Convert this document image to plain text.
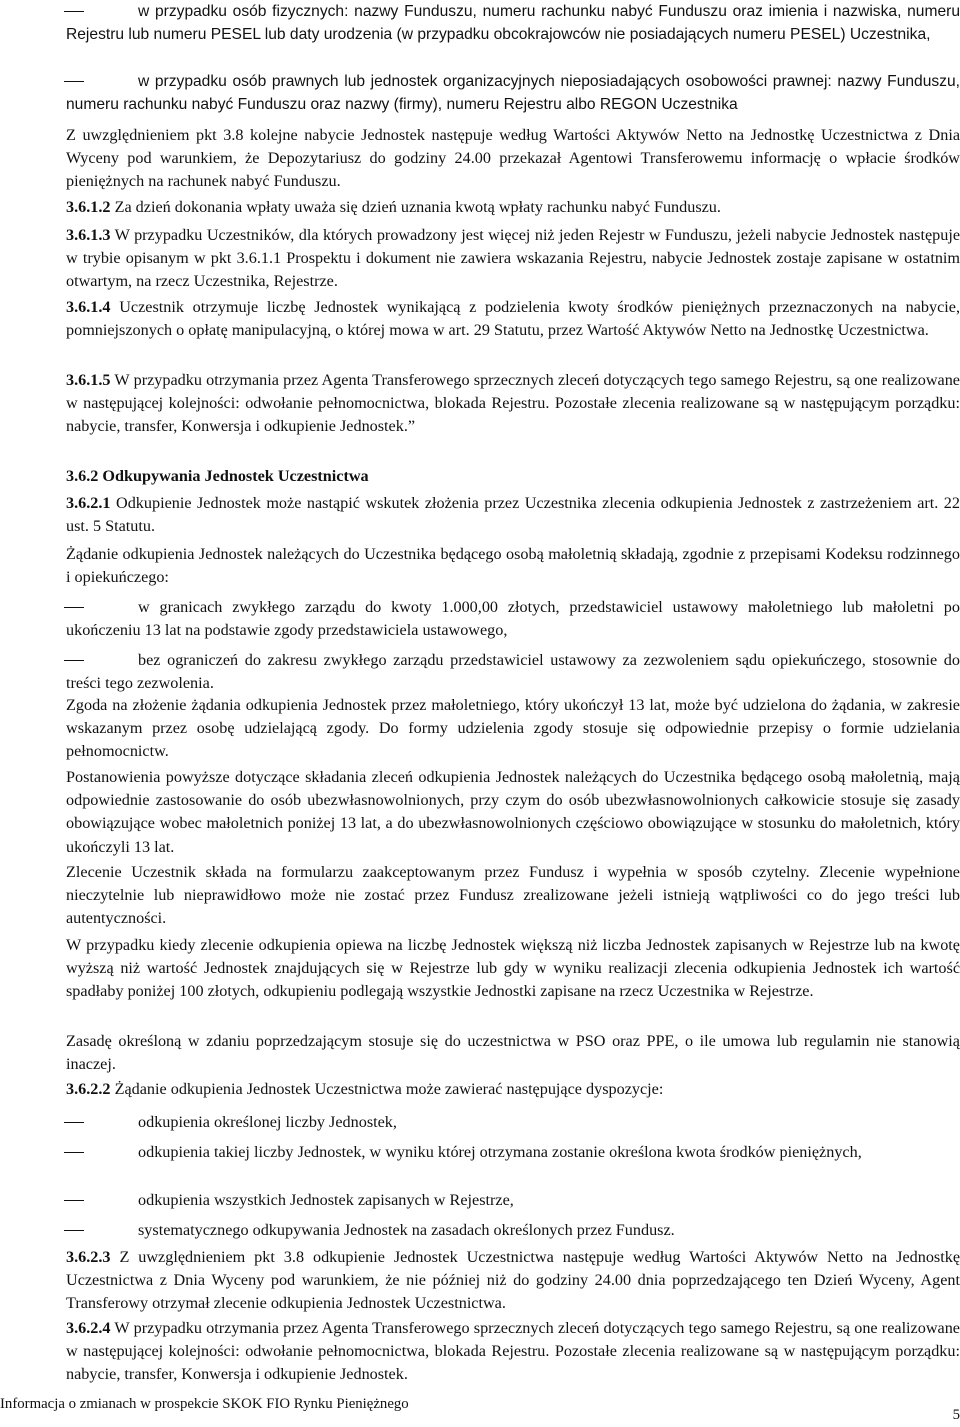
w przypadku osób fizycznych: nazwy Funduszu, numeru rachunku nabyć Funduszu oraz imienia i nazwiska, numeru Rejestru lub numeru PESEL lub daty urodzenia (w przypadku obcokrajowców nie posiadających numeru PESEL) Uczestnika,
w przypadku osób prawnych lub jednostek organizacyjnych nieposiadających osobowości prawnej: nazwy Funduszu, numeru rachunku nabyć Funduszu oraz nazwy (firmy), numeru Rejestru albo REGON Uczestnika

Z uwzględnieniem pkt 3.8 kolejne nabycie Jednostek następuje według Wartości Aktywów Netto na Jednostkę Uczestnictwa z Dnia Wyceny pod warunkiem, że Depozytariusz do godziny 24.00 przekazał Agentowi Transferowemu informację o wpłacie środków pieniężnych na rachunek nabyć Funduszu.

3.6.1.2 Za dzień dokonania wpłaty uważa się dzień uznania kwotą wpłaty rachunku nabyć Funduszu.

3.6.1.3 W przypadku Uczestników, dla których prowadzony jest więcej niż jeden Rejestr w Funduszu, jeżeli nabycie Jednostek następuje w trybie opisanym w pkt 3.6.1.1 Prospektu i dokument nie zawiera wskazania Rejestru, nabycie Jednostek zostaje zapisane w ostatnim otwartym, na rzecz Uczestnika, Rejestrze.

3.6.1.4 Uczestnik otrzymuje liczbę Jednostek wynikającą z podzielenia kwoty środków pieniężnych przeznaczonych na nabycie, pomniejszonych o opłatę manipulacyjną, o której mowa w art. 29 Statutu, przez Wartość Aktywów Netto na Jednostkę Uczestnictwa.

3.6.1.5 W przypadku otrzymania przez Agenta Transferowego sprzecznych zleceń dotyczących tego samego Rejestru, są one realizowane w następującej kolejności: odwołanie pełnomocnictwa, blokada Rejestru. Pozostałe zlecenia realizowane są w następującym porządku: nabycie, transfer, Konwersja i odkupienie Jednostek.”

3.6.2 Odkupywania Jednostek Uczestnictwa

3.6.2.1 Odkupienie Jednostek może nastąpić wskutek złożenia przez Uczestnika zlecenia odkupienia Jednostek z zastrzeżeniem art. 22 ust. 5 Statutu.

Żądanie odkupienia Jednostek należących do Uczestnika będącego osobą małoletnią składają, zgodnie z przepisami Kodeksu rodzinnego i opiekuńczego:

w granicach zwykłego zarządu do kwoty 1.000,00 złotych, przedstawiciel ustawowy małoletniego lub małoletni po ukończeniu 13 lat na podstawie zgody przedstawiciela ustawowego,
bez ograniczeń do zakresu zwykłego zarządu przedstawiciel ustawowy za zezwoleniem sądu opiekuńczego, stosownie do treści tego zezwolenia.

Zgoda na złożenie żądania odkupienia Jednostek przez małoletniego, który ukończył 13 lat, może być udzielona do żądania, w zakresie wskazanym przez osobę udzielającą zgody. Do formy udzielenia zgody stosuje się odpowiednie przepisy o formie udzielania pełnomocnictw.

Postanowienia powyższe dotyczące składania zleceń odkupienia Jednostek należących do Uczestnika będącego osobą małoletnią, mają odpowiednie zastosowanie do osób ubezwłasnowolnionych, przy czym do osób ubezwłasnowolnionych całkowicie stosuje się zasady obowiązujące wobec małoletnich poniżej 13 lat, a do ubezwłasnowolnionych częściowo obowiązujące w stosunku do małoletnich, który ukończyli 13 lat.

Zlecenie Uczestnik składa na formularzu zaakceptowanym przez Fundusz i wypełnia w sposób czytelny. Zlecenie wypełnione nieczytelnie lub nieprawidłowo może nie zostać przez Fundusz zrealizowane jeżeli istnieją wątpliwości co do jego treści lub autentyczności.

W przypadku kiedy zlecenie odkupienia opiewa na liczbę Jednostek większą niż liczba Jednostek zapisanych w Rejestrze lub na kwotę wyższą niż wartość Jednostek znajdujących się w Rejestrze lub gdy w wyniku realizacji zlecenia odkupienia Jednostek ich wartość spadłaby poniżej 100 złotych, odkupieniu podlegają wszystkie Jednostki zapisane na rzecz Uczestnika w Rejestrze.

Zasadę określoną w zdaniu poprzedzającym stosuje się do uczestnictwa w PSO oraz PPE, o ile umowa lub regulamin nie stanowią inaczej.

3.6.2.2 Żądanie odkupienia Jednostek Uczestnictwa może zawierać następujące dyspozycje:

odkupienia określonej liczby Jednostek,
odkupienia takiej liczby Jednostek, w wyniku której otrzymana zostanie określona kwota środków pieniężnych,
odkupienia wszystkich Jednostek zapisanych w Rejestrze,
systematycznego odkupywania Jednostek na zasadach określonych przez Fundusz.

3.6.2.3 Z uwzględnieniem pkt 3.8 odkupienie Jednostek Uczestnictwa następuje według Wartości Aktywów Netto na Jednostkę Uczestnictwa z Dnia Wyceny pod warunkiem, że nie później niż do godziny 24.00 dnia poprzedzającego ten Dzień Wyceny, Agent Transferowy otrzymał zlecenie odkupienia Jednostek Uczestnictwa.

3.6.2.4 W przypadku otrzymania przez Agenta Transferowego sprzecznych zleceń dotyczących tego samego Rejestru, są one realizowane w następującej kolejności: odwołanie pełnomocnictwa, blokada Rejestru. Pozostałe zlecenia realizowane są w następującym porządku: nabycie, transfer, Konwersja i odkupienie Jednostek.

Informacja o zmianach w prospekcie SKOK FIO Rynku Pieniężnego
5
